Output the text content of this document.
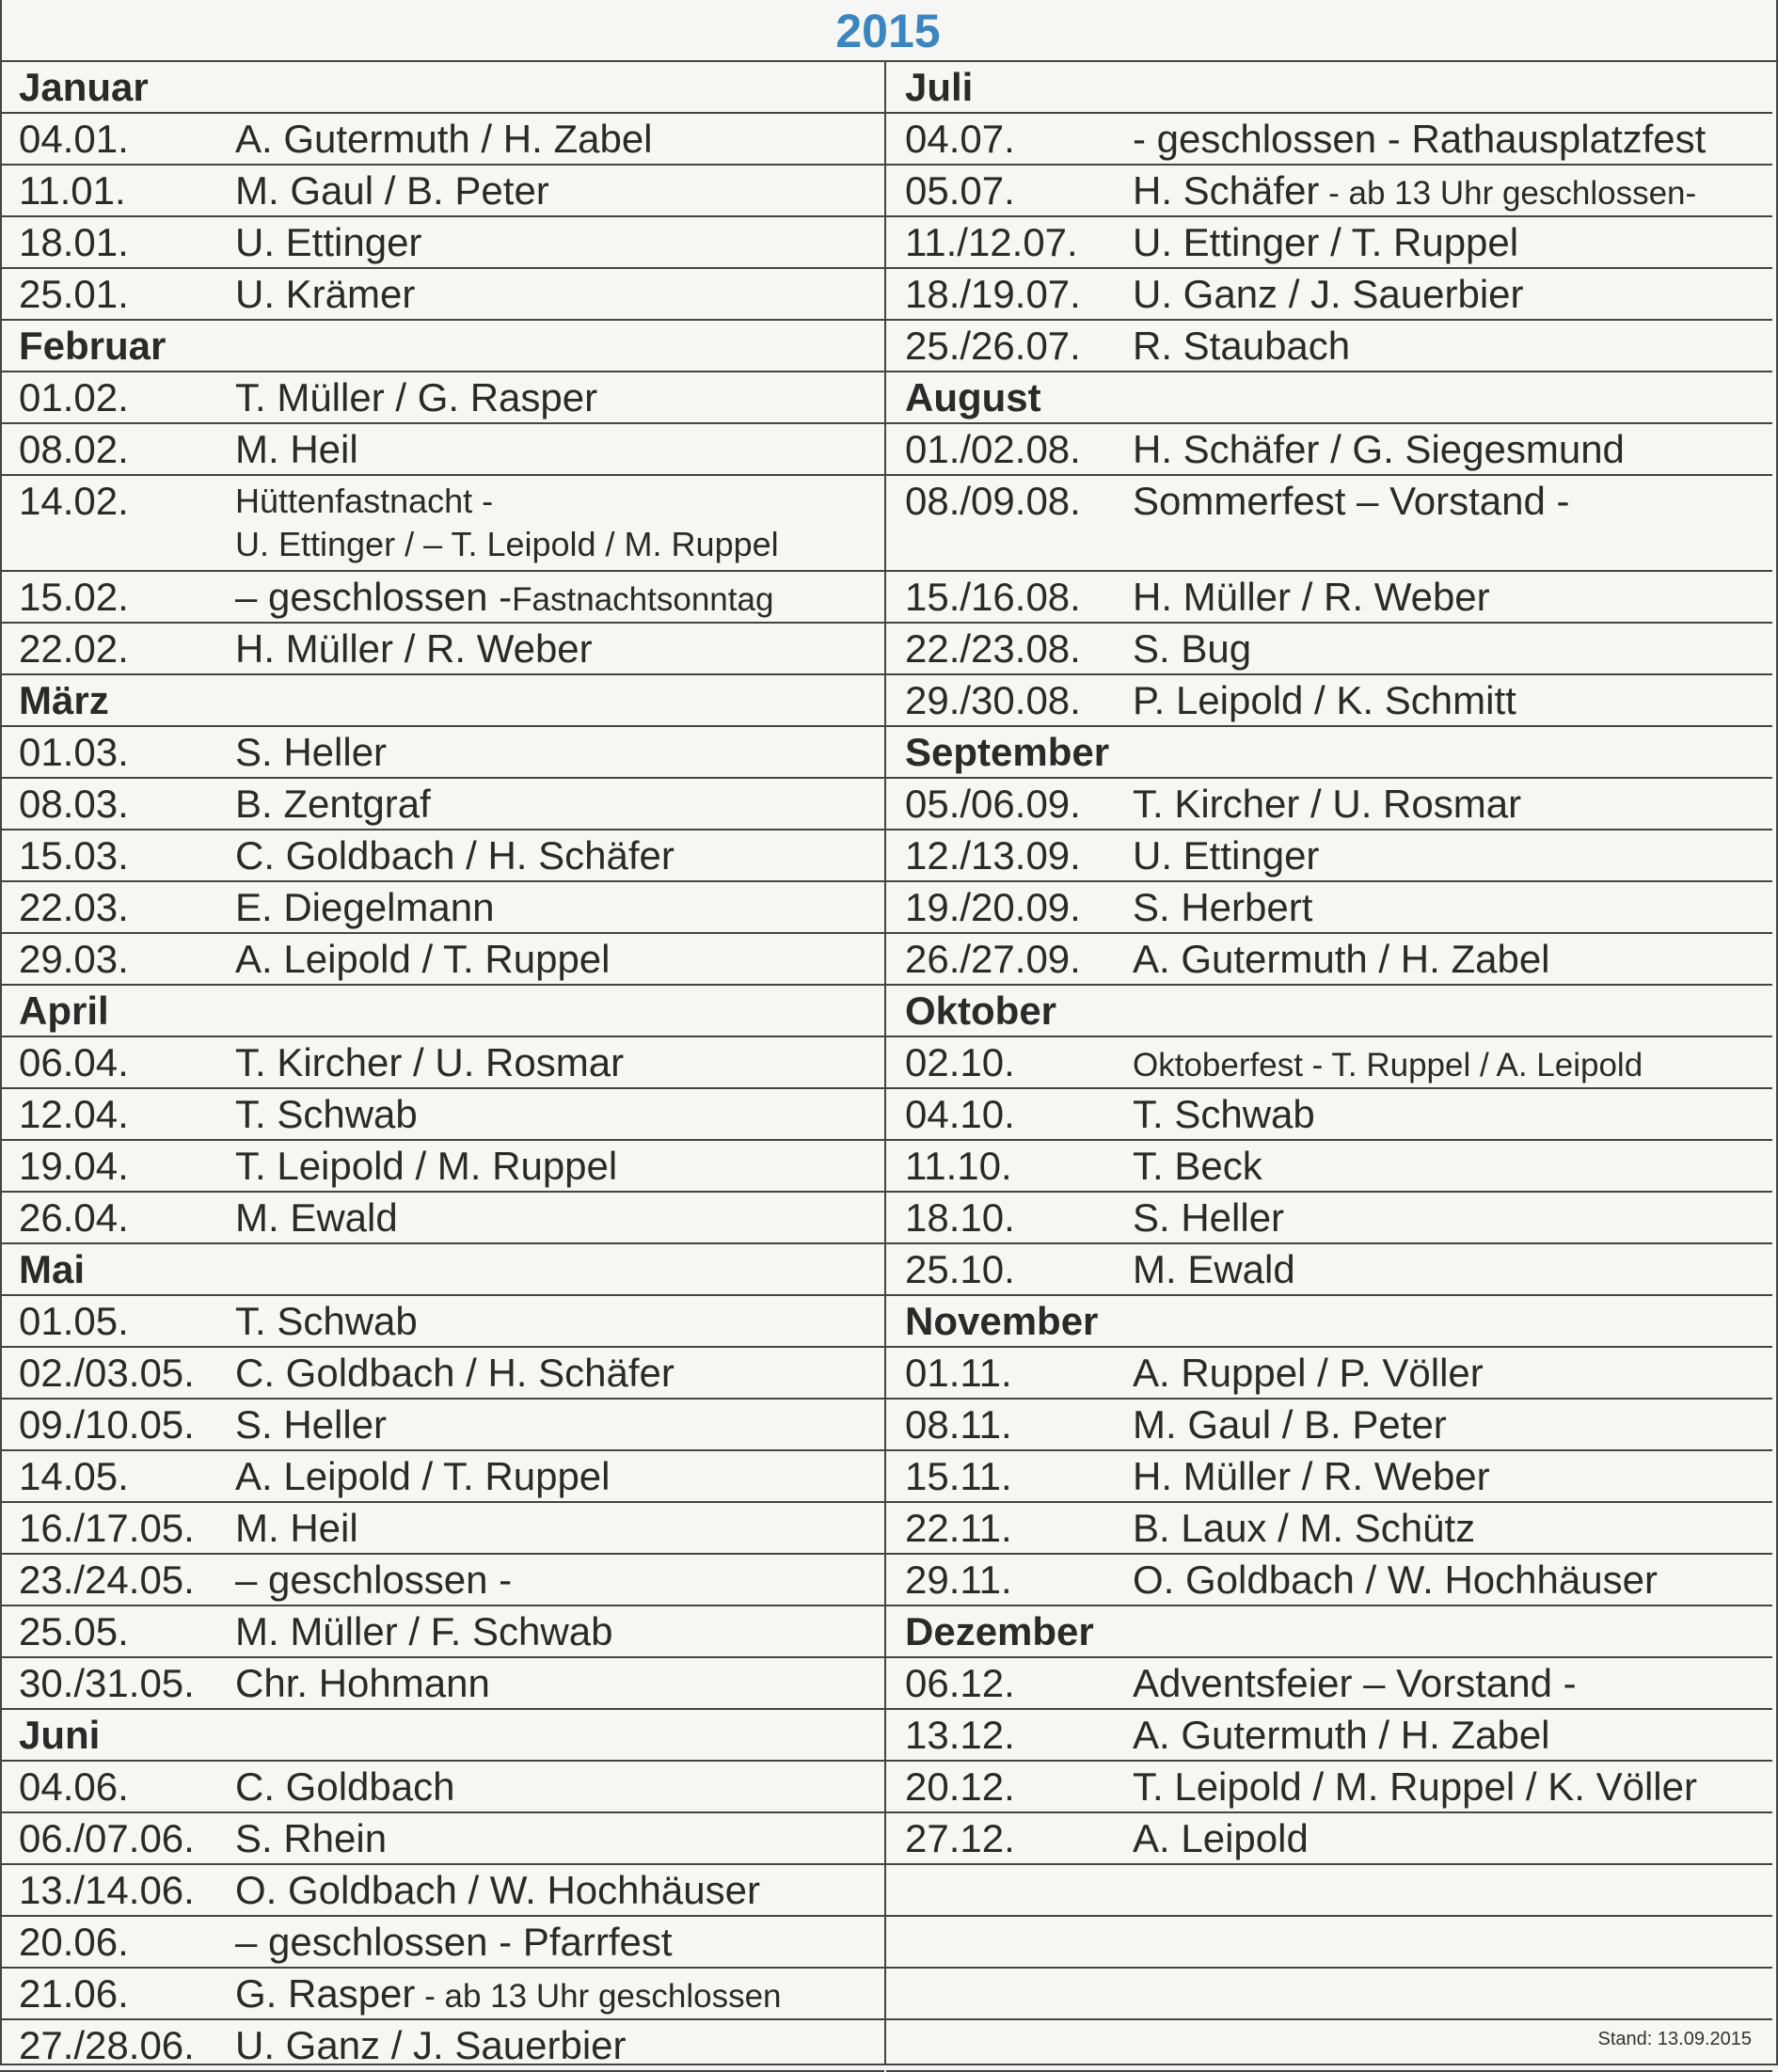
2015
Januar
04.01.	A. Gutermuth / H. Zabel
11.01.	M. Gaul / B. Peter
18.01.	U. Ettinger
25.01.	U. Krämer
Februar
01.02.	T. Müller / G. Rasper
08.02.	M. Heil
14.02.	Hüttenfastnacht -
U. Ettinger / – T. Leipold / M. Ruppel
15.02.	– geschlossen -Fastnachtsonntag
22.02.	H. Müller / R. Weber
März
01.03.	S. Heller
08.03.	B. Zentgraf
15.03.	C. Goldbach / H. Schäfer
22.03.	E. Diegelmann
29.03.	A. Leipold / T. Ruppel
April
06.04.	T. Kircher / U. Rosmar
12.04.	T. Schwab
19.04.	T. Leipold / M. Ruppel
26.04.	M. Ewald
Mai
01.05.	T. Schwab
02./03.05. C. Goldbach / H. Schäfer
09./10.05. S. Heller
14.05.	A. Leipold / T. Ruppel
16./17.05. M. Heil
23./24.05. – geschlossen -
25.05.	M. Müller / F. Schwab
30./31.05. Chr. Hohmann
Juni
04.06.	C. Goldbach
06./07.06. S. Rhein
13./14.06. O. Goldbach / W. Hochhäuser
20.06.	– geschlossen - Pfarrfest
21.06.	G. Rasper - ab 13 Uhr geschlossen
27./28.06. U. Ganz / J. Sauerbier
Juli
04.07.	- geschlossen - Rathausplatzfest
05.07.	H. Schäfer - ab 13 Uhr geschlossen-
11./12.07. U. Ettinger / T. Ruppel
18./19.07. U. Ganz / J. Sauerbier
25./26.07. R. Staubach
August
01./02.08. H. Schäfer / G. Siegesmund
08./09.08. Sommerfest – Vorstand -
15./16.08. H. Müller / R. Weber
22./23.08. S. Bug
29./30.08. P. Leipold / K. Schmitt
September
05./06.09. T. Kircher / U. Rosmar
12./13.09. U. Ettinger
19./20.09. S. Herbert
26./27.09. A. Gutermuth / H. Zabel
Oktober
02.10.	Oktoberfest - T. Ruppel / A. Leipold
04.10.	T. Schwab
11.10.	T. Beck
18.10.	S. Heller
25.10.	M. Ewald
November
01.11.	A. Ruppel / P. Völler
08.11.	M. Gaul / B. Peter
15.11.	H. Müller / R. Weber
22.11.	B. Laux / M. Schütz
29.11.	O. Goldbach / W. Hochhäuser
Dezember
06.12.	Adventsfeier – Vorstand -
13.12.	A. Gutermuth / H. Zabel
20.12.	T. Leipold / M. Ruppel / K. Völler
27.12.	A. Leipold
Stand: 13.09.2015
